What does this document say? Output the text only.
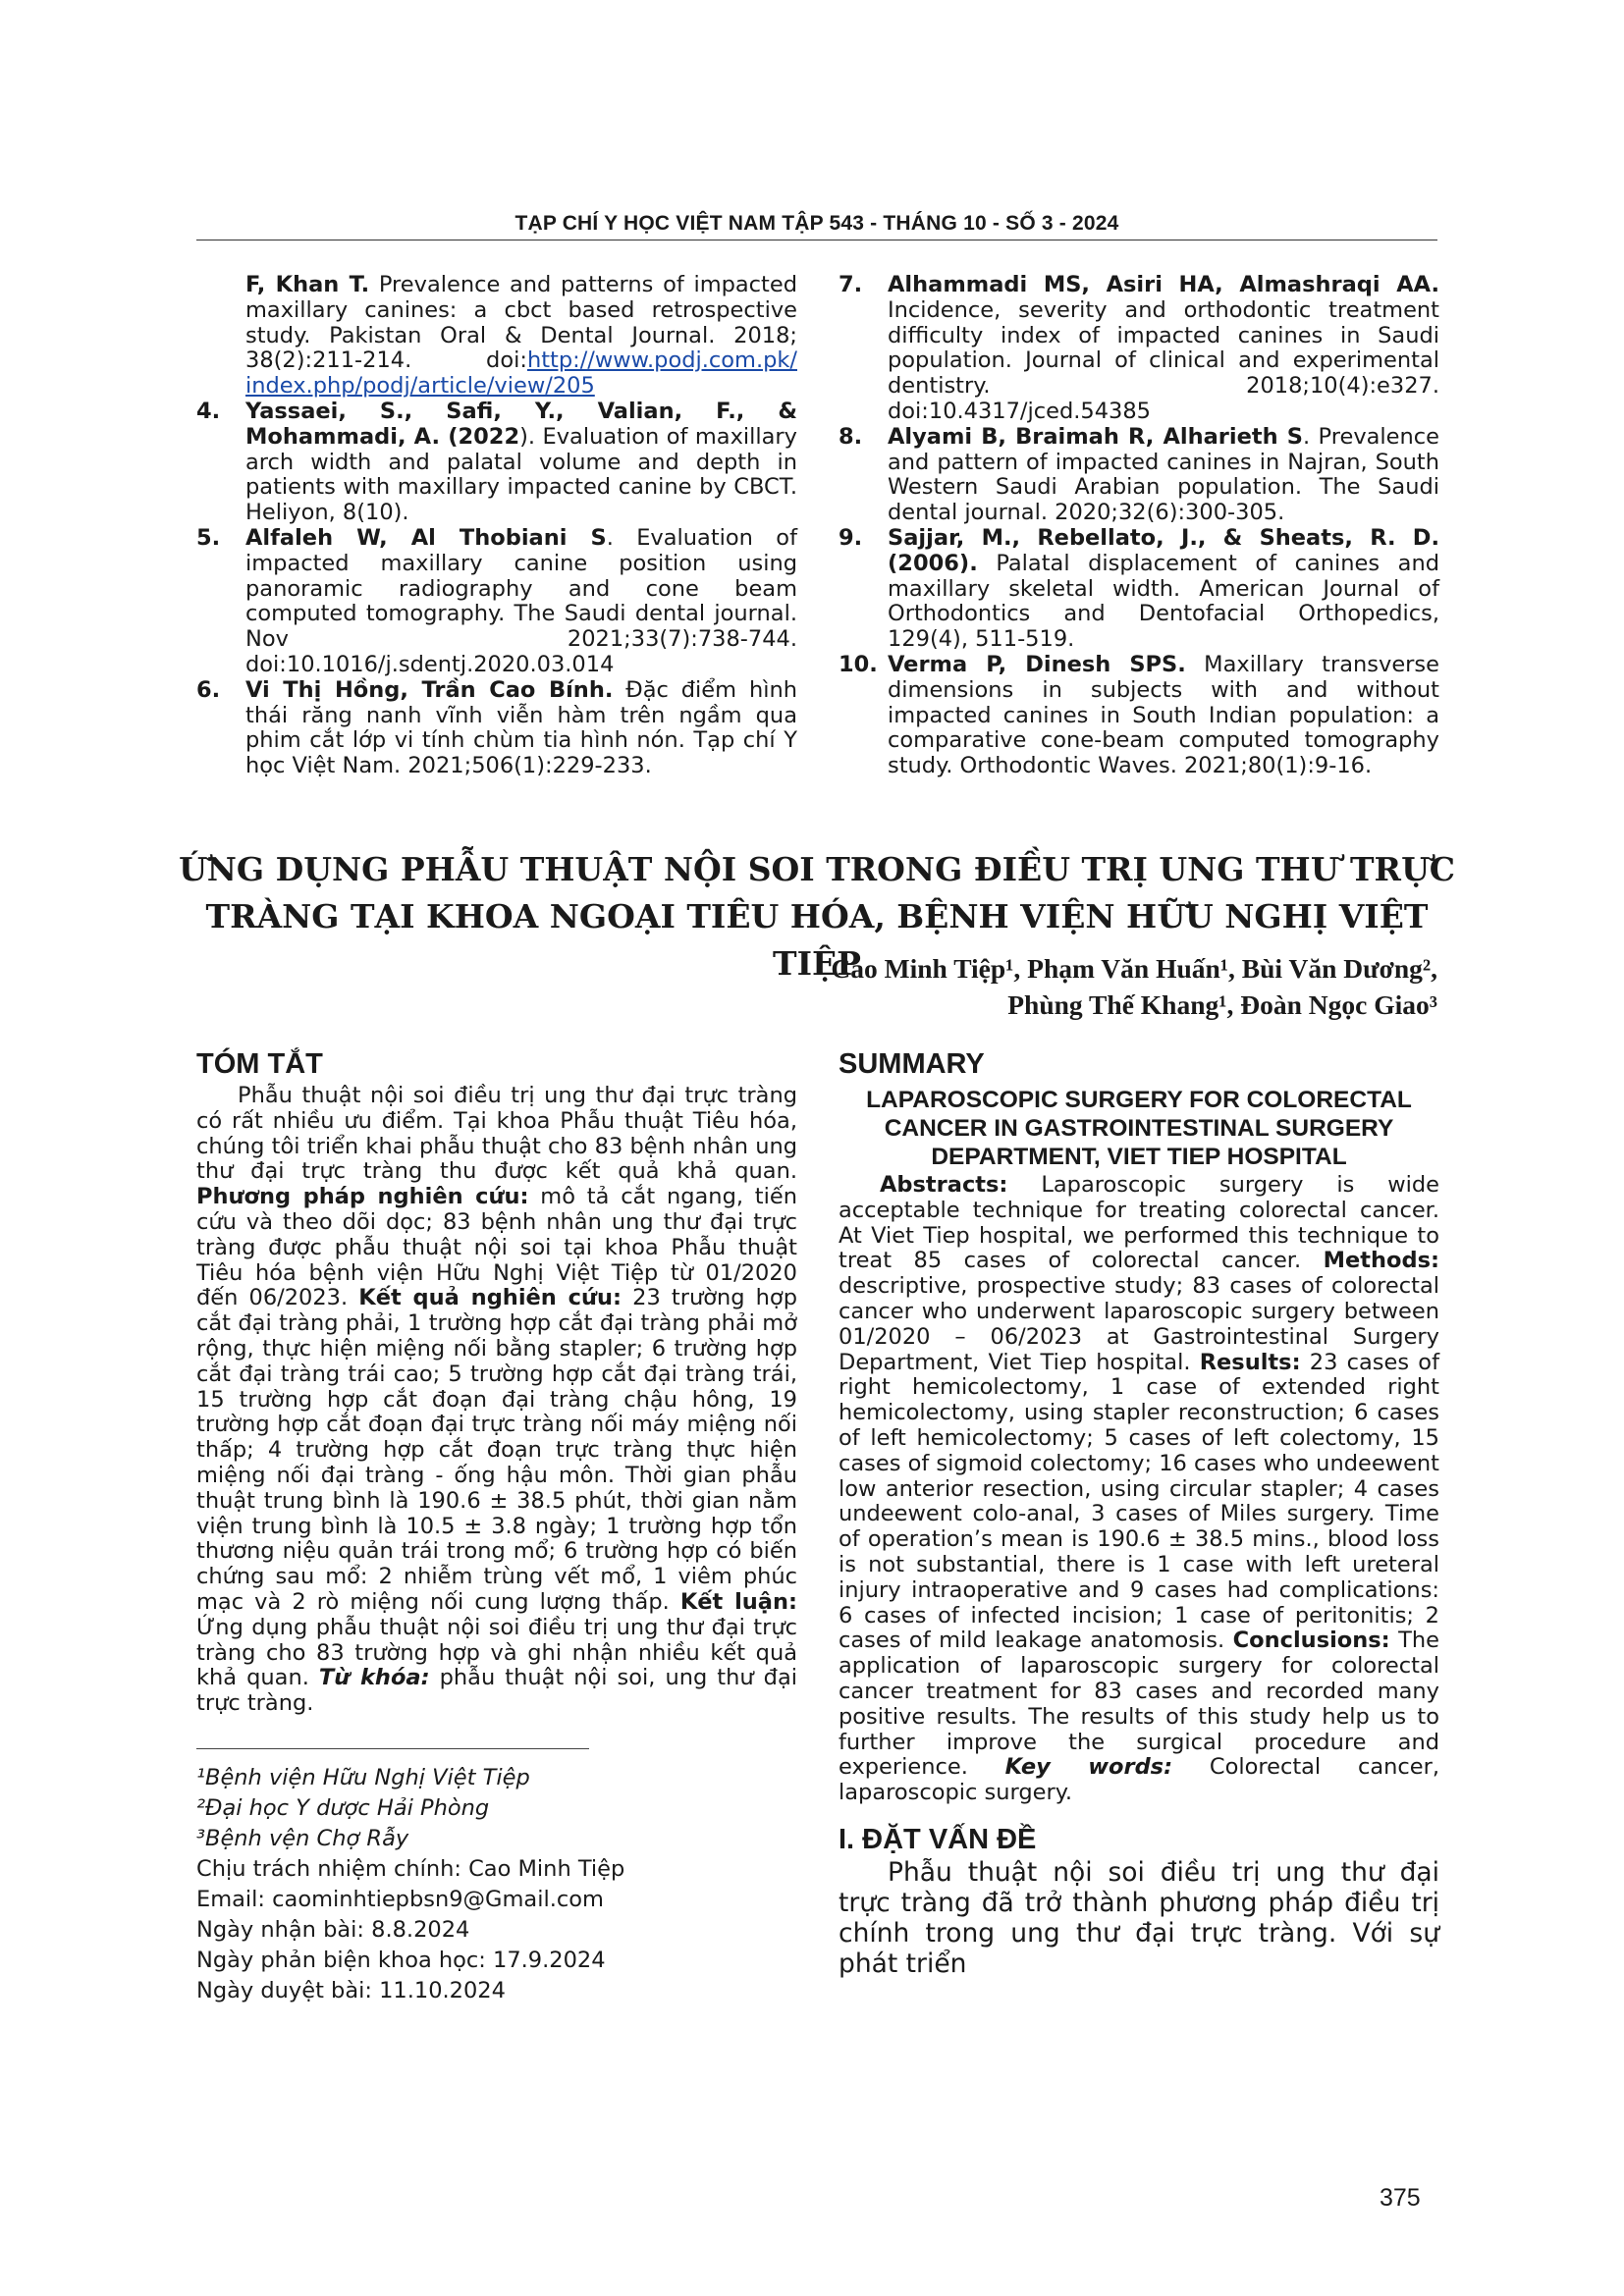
TẠP CHÍ Y HỌC VIỆT NAM TẬP 543 - THÁNG 10 - SỐ 3 - 2024

F, Khan T. Prevalence and patterns of impacted maxillary canines: a cbct based retrospective study. Pakistan Oral & Dental Journal. 2018; 38(2):211-214. doi:http://www.podj.com.pk/ index.php/podj/article/view/205

4. Yassaei, S., Safi, Y., Valian, F., & Mohammadi, A. (2022). Evaluation of maxillary arch width and palatal volume and depth in patients with maxillary impacted canine by CBCT. Heliyon, 8(10).

5. Alfaleh W, Al Thobiani S. Evaluation of impacted maxillary canine position using panoramic radiography and cone beam computed tomography. The Saudi dental journal. Nov 2021;33(7):738-744. doi:10.1016/j.sdentj.2020.03.014

6. Vi Thị Hồng, Trần Cao Bính. Đặc điểm hình thái răng nanh vĩnh viễn hàm trên ngầm qua phim cắt lớp vi tính chùm tia hình nón. Tạp chí Y học Việt Nam. 2021;506(1):229-233.

7. Alhammadi MS, Asiri HA, Almashraqi AA. Incidence, severity and orthodontic treatment difficulty index of impacted canines in Saudi population. Journal of clinical and experimental dentistry. 2018;10(4):e327. doi:10.4317/jced.54385

8. Alyami B, Braimah R, Alharieth S. Prevalence and pattern of impacted canines in Najran, South Western Saudi Arabian population. The Saudi dental journal. 2020;32(6):300-305.

9. Sajjar, M., Rebellato, J., & Sheats, R. D. (2006). Palatal displacement of canines and maxillary skeletal width. American Journal of Orthodontics and Dentofacial Orthopedics, 129(4), 511-519.

10. Verma P, Dinesh SPS. Maxillary transverse dimensions in subjects with and without impacted canines in South Indian population: a comparative cone-beam computed tomography study. Orthodontic Waves. 2021;80(1):9-16.

ỨNG DỤNG PHẪU THUẬT NỘI SOI TRONG ĐIỀU TRỊ UNG THƯ TRỰC
TRÀNG TẠI KHOA NGOẠI TIÊU HÓA, BỆNH VIỆN HỮU NGHỊ VIỆT TIỆP
Cao Minh Tiệp¹, Phạm Văn Huấn¹, Bùi Văn Dương²,
Phùng Thế Khang¹, Đoàn Ngọc Giao³
TÓM TẮT

Phẫu thuật nội soi điều trị ung thư đại trực tràng có rất nhiều ưu điểm. Tại khoa Phẫu thuật Tiêu hóa, chúng tôi triển khai phẫu thuật cho 83 bệnh nhân ung thư đại trực tràng thu được kết quả khả quan. Phương pháp nghiên cứu: mô tả cắt ngang, tiến cứu và theo dõi dọc; 83 bệnh nhân ung thư đại trực tràng được phẫu thuật nội soi tại khoa Phẫu thuật Tiêu hóa bệnh viện Hữu Nghị Việt Tiệp từ 01/2020 đến 06/2023. Kết quả nghiên cứu: 23 trường hợp cắt đại tràng phải, 1 trường hợp cắt đại tràng phải mở rộng, thực hiện miệng nối bằng stapler; 6 trường hợp cắt đại tràng trái cao; 5 trường hợp cắt đại tràng trái, 15 trường hợp cắt đoạn đại tràng chậu hông, 19 trường hợp cắt đoạn đại trực tràng nối máy miệng nối thấp; 4 trường hợp cắt đoạn trực tràng thực hiện miệng nối đại tràng - ống hậu môn. Thời gian phẫu thuật trung bình là 190.6 ± 38.5 phút, thời gian nằm viện trung bình là 10.5 ± 3.8 ngày; 1 trường hợp tổn thương niệu quản trái trong mổ; 6 trường hợp có biến chứng sau mổ: 2 nhiễm trùng vết mổ, 1 viêm phúc mạc và 2 rò miệng nối cung lượng thấp. Kết luận: Ứng dụng phẫu thuật nội soi điều trị ung thư đại trực tràng cho 83 trường hợp và ghi nhận nhiều kết quả khả quan. Từ khóa: phẫu thuật nội soi, ung thư đại trực tràng.

¹Bệnh viện Hữu Nghị Việt Tiệp
²Đại học Y dược Hải Phòng
³Bệnh vện Chợ Rẫy
Chịu trách nhiệm chính: Cao Minh Tiệp
Email: caominhtiepbsn9@Gmail.com
Ngày nhận bài: 8.8.2024
Ngày phản biện khoa học: 17.9.2024
Ngày duyệt bài: 11.10.2024
SUMMARY
LAPAROSCOPIC SURGERY FOR COLORECTAL
CANCER IN GASTROINTESTINAL SURGERY
DEPARTMENT, VIET TIEP HOSPITAL

Abstracts: Laparoscopic surgery is wide acceptable technique for treating colorectal cancer. At Viet Tiep hospital, we performed this technique to treat 85 cases of colorectal cancer. Methods: descriptive, prospective study; 83 cases of colorectal cancer who underwent laparoscopic surgery between 01/2020 – 06/2023 at Gastrointestinal Surgery Department, Viet Tiep hospital. Results: 23 cases of right hemicolectomy, 1 case of extended right hemicolectomy, using stapler reconstruction; 6 cases of left hemicolectomy; 5 cases of left colectomy, 15 cases of sigmoid colectomy; 16 cases who undeewent low anterior resection, using circular stapler; 4 cases undeewent colo-anal, 3 cases of Miles surgery. Time of operation’s mean is 190.6 ± 38.5 mins., blood loss is not substantial, there is 1 case with left ureteral injury intraoperative and 9 cases had complications: 6 cases of infected incision; 1 case of peritonitis; 2 cases of mild leakage anatomosis. Conclusions: The application of laparoscopic surgery for colorectal cancer treatment for 83 cases and recorded many positive results. The results of this study help us to further improve the surgical procedure and experience. Key words: Colorectal cancer, laparoscopic surgery.

I. ĐẶT VẤN ĐỀ

Phẫu thuật nội soi điều trị ung thư đại trực tràng đã trở thành phương pháp điều trị chính trong ung thư đại trực tràng. Với sự phát triển

375
